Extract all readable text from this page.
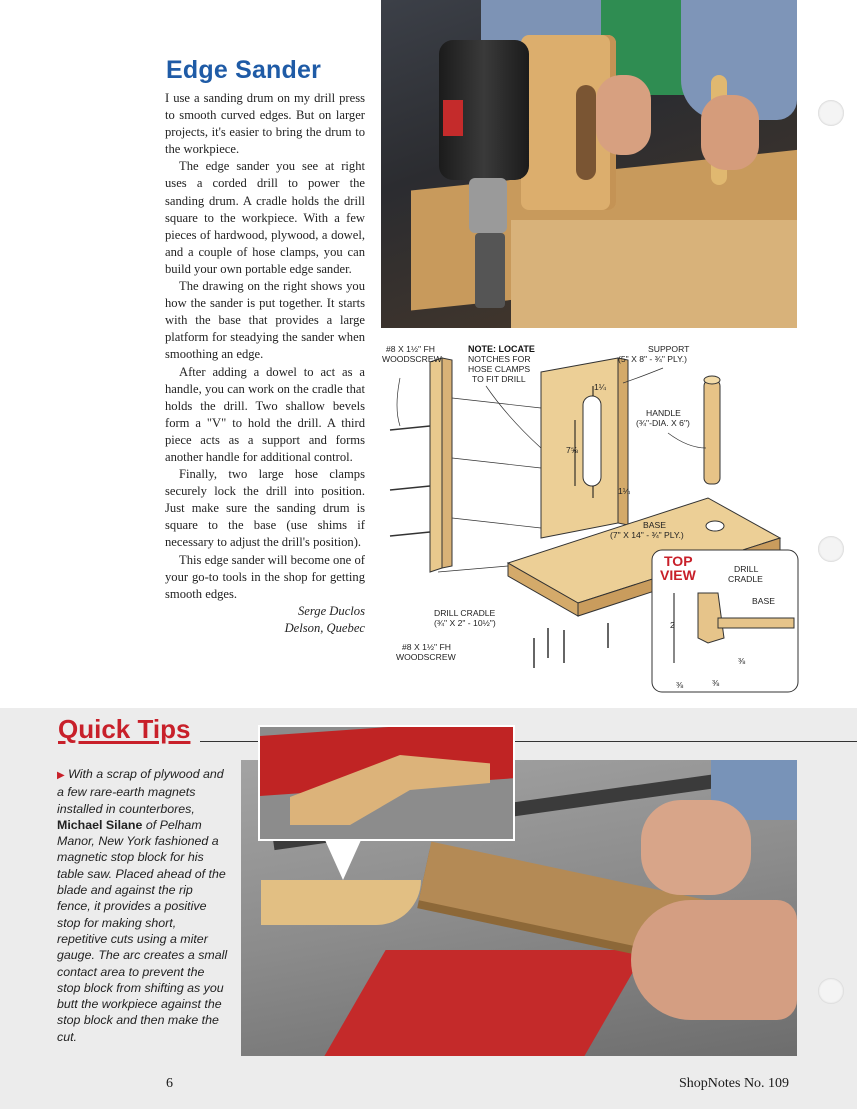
Edge Sander

I use a sanding drum on my drill press to smooth curved edges. But on larger projects, it's easier to bring the drum to the workpiece.

The edge sander you see at right uses a corded drill to power the sanding drum. A cradle holds the drill square to the workpiece. With a few pieces of hardwood, plywood, a dowel, and a couple of hose clamps, you can build your own portable edge sander.

The drawing on the right shows you how the sander is put together. It starts with the base that provides a large platform for steadying the sander when smoothing an edge.

After adding a dowel to act as a handle, you can work on the cradle that holds the drill. Two shallow bevels form a "V" to hold the drill. A third piece acts as a support and forms another handle for additional control.

Finally, two large hose clamps securely lock the drill into position. Just make sure the sanding drum is square to the base (use shims if necessary to adjust the drill's position).

This edge sander will become one of your go-to tools in the shop for getting smooth edges.

Serge Duclos
Delson, Quebec
#8 X 1½" FH
WOODSCREW
NOTE: LOCATE
NOTCHES FOR
HOSE CLAMPS
TO FIT DRILL
SUPPORT
(5" X 8" - ¾" PLY.)
HANDLE
(¾"-DIA. X 6")
1¼
7⅝
1¼
BASE
(7" X 14" - ¾" PLY.)
DRILL CRADLE
(¾" X 2" - 10½")
#8 X 1½" FH
WOODSCREW
TOP
VIEW	DRILL
CRADLE
BASE
2
⅜	⅜
⅜
Quick Tips
▶ With a scrap of plywood and a few rare-earth magnets installed in counterbores, Michael Silane of Pelham Manor, New York fashioned a magnetic stop block for his table saw. Placed ahead of the blade and against the rip fence, it provides a positive stop for making short, repetitive cuts using a miter gauge. The arc creates a small contact area to prevent the stop block from shifting as you butt the workpiece against the stop block and then make the cut.
6	ShopNotes No. 109
